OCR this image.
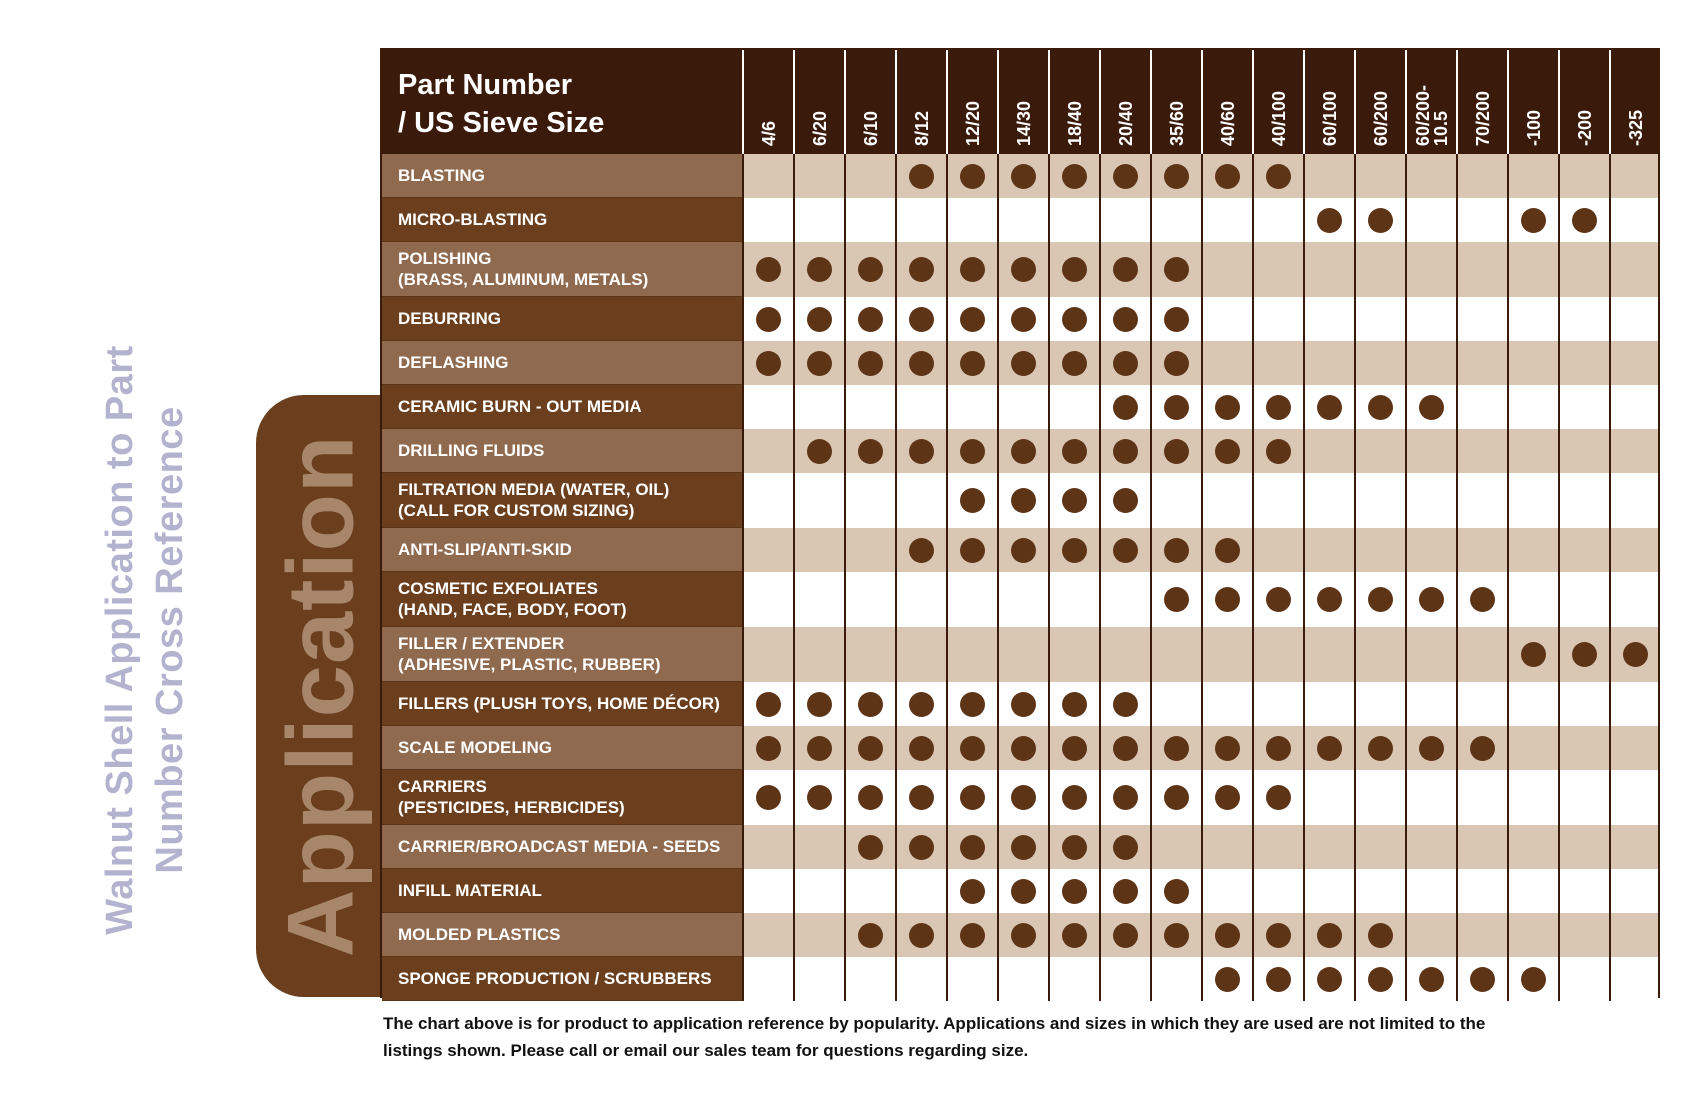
Walnut Shell Application to Part Number Cross Reference Application
Part Number
/ US Sieve Size	4/6 6/20 6/10 8/12 12/20 14/30 18/40 20/40 35/60 40/60 40/100 60/100 60/200 60/200-
10.5 70/200 -100 -200 -325
BLASTING
MICRO-BLASTING
POLISHING
(BRASS, ALUMINUM, METALS)
DEBURRING
DEFLASHING
CERAMIC BURN - OUT MEDIA
DRILLING FLUIDS
FILTRATION MEDIA (WATER, OIL)
(CALL FOR CUSTOM SIZING)
ANTI-SLIP/ANTI-SKID
COSMETIC EXFOLIATES
(HAND, FACE, BODY, FOOT)
FILLER / EXTENDER
(ADHESIVE, PLASTIC, RUBBER)
FILLERS (PLUSH TOYS, HOME DÉCOR)
SCALE MODELING
CARRIERS
(PESTICIDES, HERBICIDES)
CARRIER/BROADCAST MEDIA - SEEDS
INFILL MATERIAL
MOLDED PLASTICS
SPONGE PRODUCTION / SCRUBBERS
The chart above is for product to application reference by popularity. Applications and sizes in which they are used are not limited to the
listings shown. Please call or email our sales team for questions regarding size.
